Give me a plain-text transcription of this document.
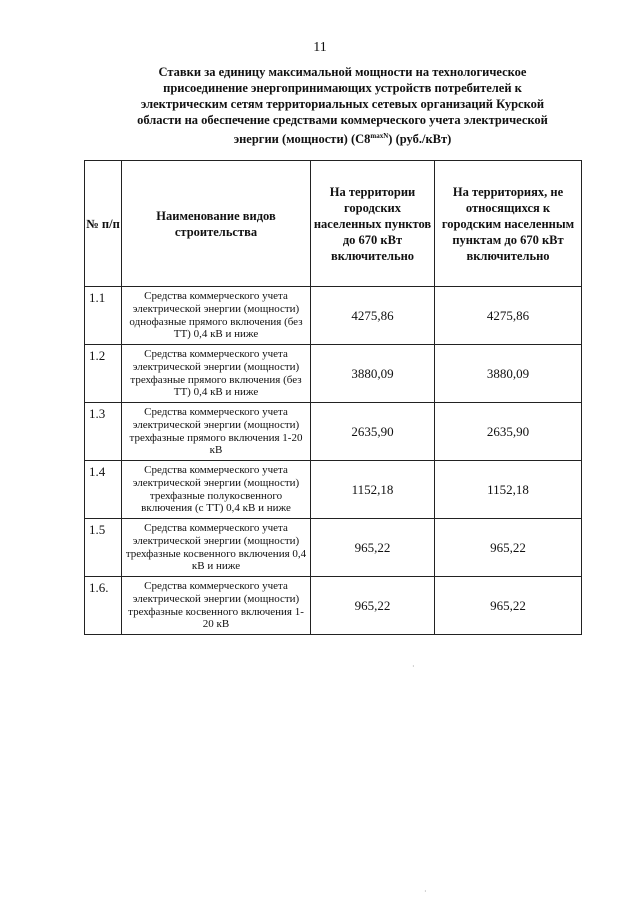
11
Ставки за единицу максимальной мощности на технологическое присоединение энергопринимающих устройств потребителей к электрическим сетям территориальных сетевых организаций Курской области на обеспечение средствами коммерческого учета электрической энергии (мощности) $(С8^{maxN})$ (руб./кВт)
№ п/п	Наименование видов строительства	На территории городских населенных пунктов до 670 кВт включительно	На территориях, не относящихся к городским населенным пунктам до 670 кВт включительно
1.1	Средства коммерческого учета электрической энергии (мощности) однофазные прямого включения (без ТТ) 0,4 кВ и ниже	4275,86	4275,86
1.2	Средства коммерческого учета электрической энергии (мощности) трехфазные прямого включения (без ТТ) 0,4 кВ и ниже	3880,09	3880,09
1.3	Средства коммерческого учета электрической энергии (мощности) трехфазные прямого включения 1-20 кВ	2635,90	2635,90
1.4	Средства коммерческого учета электрической энергии (мощности) трехфазные полукосвенного включения (с ТТ) 0,4 кВ и ниже	1152,18	1152,18
1.5	Средства коммерческого учета электрической энергии (мощности) трехфазные косвенного включения 0,4 кВ и ниже	965,22	965,22
1.6.	Средства коммерческого учета электрической энергии (мощности) трехфазные косвенного включения 1-20 кВ	965,22	965,22
·
·
